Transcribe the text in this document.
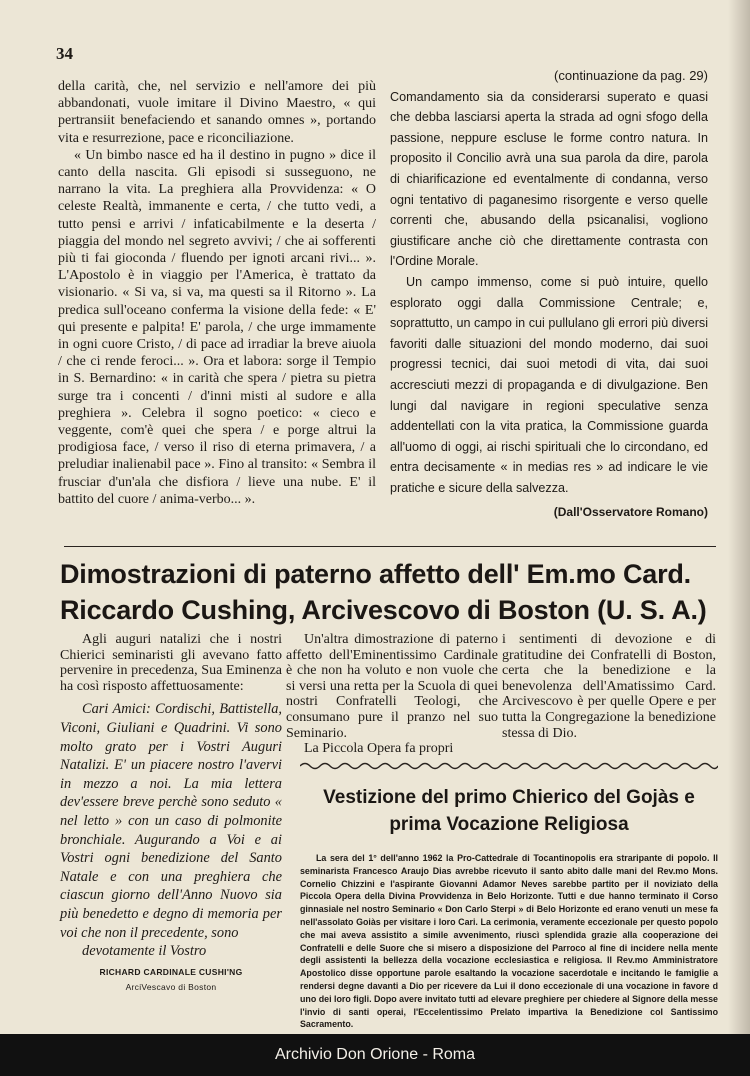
34

della carità, che, nel servizio e nell'amore dei più abbandonati, vuole imitare il Divino Maestro, « qui pertransiit benefaciendo et sanando omnes », portando vita e resurrezione, pace e riconciliazione.

« Un bimbo nasce ed ha il destino in pugno » dice il canto della nascita. Gli episodi si susseguono, ne narrano la vita. La preghiera alla Provvidenza: « O celeste Realtà, immanente e certa, / che tutto vedi, a tutto pensi e arrivi / infaticabilmente e la deserta / piaggia del mondo nel segreto avvivi; / che ai sofferenti più ti fai gioconda / fluendo per ignoti arcani rivi... ». L'Apostolo è in viaggio per l'America, è trattato da visionario. « Si va, si va, ma questi sa il Ritorno ». La predica sull'oceano conferma la visione della fede: « E' qui presente e palpita! E' parola, / che urge immamente in ogni cuore Cristo, / di pace ad irradiar la breve aiuola / che ci rende feroci... ». Ora et labora: sorge il Tempio in S. Bernardino: « in carità che spera / pietra su pietra surge tra i concenti / d'inni misti al sudore e alla preghiera ». Celebra il sogno poetico: « cieco e veggente, com'è quei che spera / e porge altrui la prodigiosa face, / verso il riso di eterna primavera, / a preludiar inalienabil pace ». Fino al transito: « Sembra il frusciar d'un'ala che disfiora / lieve una nube. E' il battito del cuore / anima-verbo... ».

(continuazione da pag. 29)

Comandamento sia da considerarsi superato e quasi che debba lasciarsi aperta la strada ad ogni sfogo della passione, neppure escluse le forme contro natura. In proposito il Concilio avrà una sua parola da dire, parola di chiarificazione ed eventalmente di condanna, verso ogni tentativo di paganesimo risorgente e verso quelle correnti che, abusando della psicanalisi, vogliono giustificare anche ciò che direttamente contrasta con l'Ordine Morale.

Un campo immenso, come si può intuire, quello esplorato oggi dalla Commissione Centrale; e, soprattutto, un campo in cui pullulano gli errori più diversi favoriti dalle situazioni del mondo moderno, dai suoi progressi tecnici, dai suoi metodi di vita, dai suoi accresciuti mezzi di propaganda e di divulgazione. Ben lungi dal navigare in regioni speculative senza addentellati con la vita pratica, la Commissione guarda all'uomo di oggi, ai rischi spirituali che lo circondano, ed entra decisamente « in medias res » ad indicare le vie pratiche e sicure della salvezza.

(Dall'Osservatore Romano)

Dimostrazioni di paterno affetto dell' Em.mo Card. Riccardo Cushing, Arcivescovo di Boston (U. S. A.)

Agli auguri natalizi che i nostri Chierici seminaristi gli avevano fatto pervenire in precedenza, Sua Eminenza ha così risposto affettuosamente:

Cari Amici: Cordischi, Battistella, Viconi, Giuliani e Quadrini. Vi sono molto grato per i Vostri Auguri Natalizi. E' un piacere nostro l'avervi in mezzo a noi. La mia lettera dev'essere breve perchè sono seduto « nel letto » con un caso di polmonite bronchiale. Augurando a Voi e ai Vostri ogni benedizione del Santo Natale e con una preghiera che ciascun giorno dell'Anno Nuovo sia più benedetto e degno di memoria per voi che non il precedente, sono

devotamente il Vostro

RICHARD CARDINALE CUSHI'NG

ArciVescavo di Boston

Un'altra dimostrazione di paterno affetto dell'Eminentissimo Cardinale è che non ha voluto e non vuole che si versi una retta per la Scuola di quei nostri Confratelli Teologi, che consumano pure il pranzo nel suo Seminario.

La Piccola Opera fa propri

i sentimenti di devozione e di gratitudine dei Confratelli di Boston, certa che la benedizione e la benevolenza dell'Amatissimo Card. Arcivescovo è per quelle Opere e per tutta la Congregazione la benedizione stessa di Dio.

Vestizione del primo Chierico del Gojàs e prima Vocazione Religiosa

La sera del 1° dell'anno 1962 la Pro-Cattedrale di Tocantinopolis era straripante di popolo. Il seminarista Francesco Araujo Dias avrebbe ricevuto il santo abito dalle mani del Rev.mo Mons. Cornelio Chizzini e l'aspirante Giovanni Adamor Neves sarebbe partito per il noviziato della Piccola Opera della Divina Provvidenza in Belo Horizonte. Tutti e due hanno terminato il Corso ginnasiale nel nostro Seminario « Don Carlo Sterpi » di Belo Horizonte ed erano venuti un mese fa nell'assolato Goiàs per visitare i loro Cari. La cerimonia, veramente eccezionale per questo popolo che mai aveva assistito a simile avvenimento, riuscì splendida grazie alla cooperazione dei Confratelli e delle Suore che si misero a disposizione del Parroco al fine di incidere nella mente degli assistenti la bellezza della vocazione ecclesiastica e religiosa. Il Rev.mo Amministratore Apostolico disse opportune parole esaltando la vocazione sacerdotale e incitando le famiglie a rendersi degne davanti a Dio per ricevere da Lui il dono eccezionale di una vocazione in favore d uno dei loro figli. Dopo avere invitato tutti ad elevare preghiere per chiedere al Signore della messe l'invio di santi operai, l'Eccelentissimo Prelato impartiva la Benedizione col Santissimo Sacramento.

Archivio Don Orione - Roma
